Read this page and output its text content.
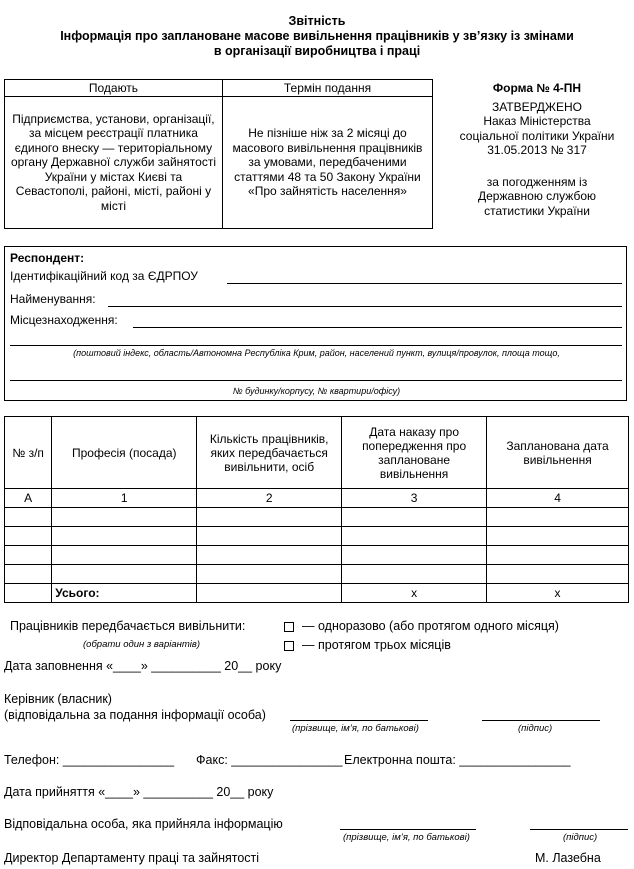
Звітність
Інформація про заплановане масове вивільнення працівників у зв’язку із змінами
в організації виробництва і праці
Подають	Термін подання
Підприємства, установи, організації, за місцем реєстрації платника єдиного внеску — територіальному органу Державної служби зайнятості України у містах Києві та Севастополі, районі, місті, районі у місті	Не пізніше ніж за 2 місяці до масового вивільнення працівників за умовами, передбаченими статтями 48 та 50 Закону України «Про зайнятість населення»
Форма № 4-ПН
ЗАТВЕРДЖЕНО
Наказ Міністерства
соціальної політики України
31.05.2013 № 317
за погодженням із
Державною службою
статистики України
Респондент:
Ідентифікаційний код за ЄДРПОУ
Найменування:
Місцезнаходження:
(поштовий індекс, область/Автономна Республіка Крим, район, населений пункт, вулиця/провулок, площа тощо,
№ будинку/корпусу, № квартири/офісу)
№ з/п	Професія (посада)	Кількість працівників, яких передбачається вивільнити, осіб	Дата наказу про попередження про заплановане вивільнення	Запланована дата вивільнення
А	1	2	3	4

	Усього:		х	х
Працівників передбачається вивільнити:
(обрати один з варіантів)
— одноразово (або протягом одного місяця)
— протягом трьох місяців
Дата заповнення «____» __________ 20__ року
Керівник (власник)
(відповідальна за подання інформації особа)
(прізвище, ім’я, по батькові)	(підпис)
Телефон: ________________ Факс: ________________ Електронна пошта: ________________
Дата прийняття «____» __________ 20__ року
Відповідальна особа, яка прийняла інформацію
(прізвище, ім’я, по батькові)	(підпис)
Директор Департаменту праці та зайнятості	М. Лазебна
